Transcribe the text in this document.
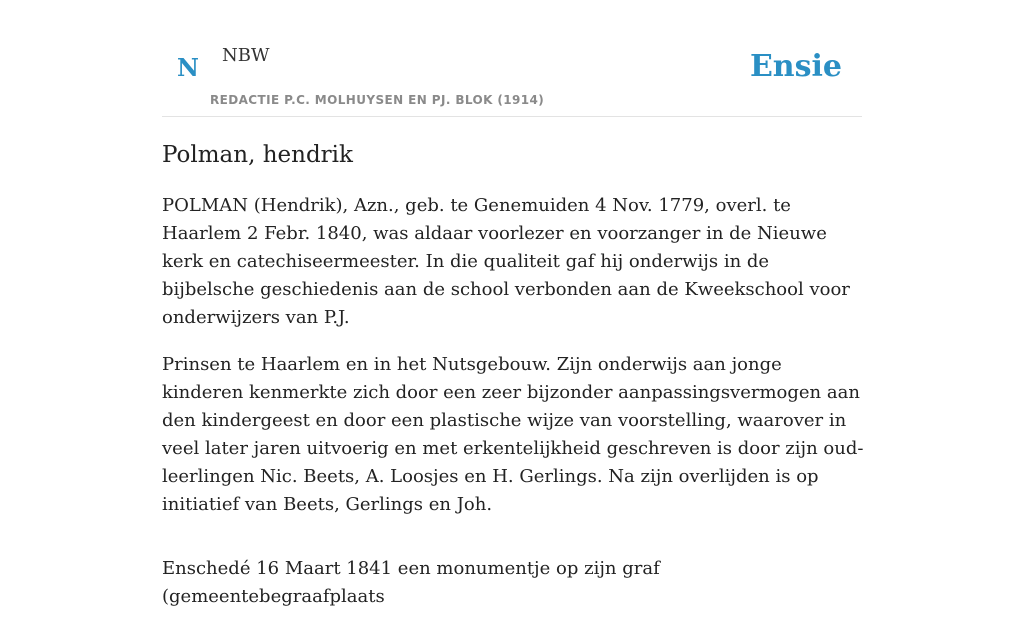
N NBW
REDACTIE P.C. MOLHUYSEN EN PJ. BLOK (1914)
Ensie
Polman, hendrik

POLMAN (Hendrik), Azn., geb. te Genemuiden 4 Nov. 1779, overl. te Haarlem 2 Febr. 1840, was aldaar voorlezer en voorzanger in de Nieuwe kerk en catechiseermeester. In die qualiteit gaf hij onderwijs in de bijbelsche geschiedenis aan de school verbonden aan de Kweekschool voor onderwijzers van P.J.

Prinsen te Haarlem en in het Nutsgebouw. Zijn onderwijs aan jonge kinderen kenmerkte zich door een zeer bijzonder aanpassingsvermogen aan den kindergeest en door een plastische wijze van voorstelling, waarover in veel later jaren uitvoerig en met erkentelijkheid geschreven is door zijn oud-leerlingen Nic. Beets, A. Loosjes en H. Gerlings. Na zijn overlijden is op initiatief van Beets, Gerlings en Joh.

Enschedé 16 Maart 1841 een monumentje op zijn graf (gemeentebegraafplaats
